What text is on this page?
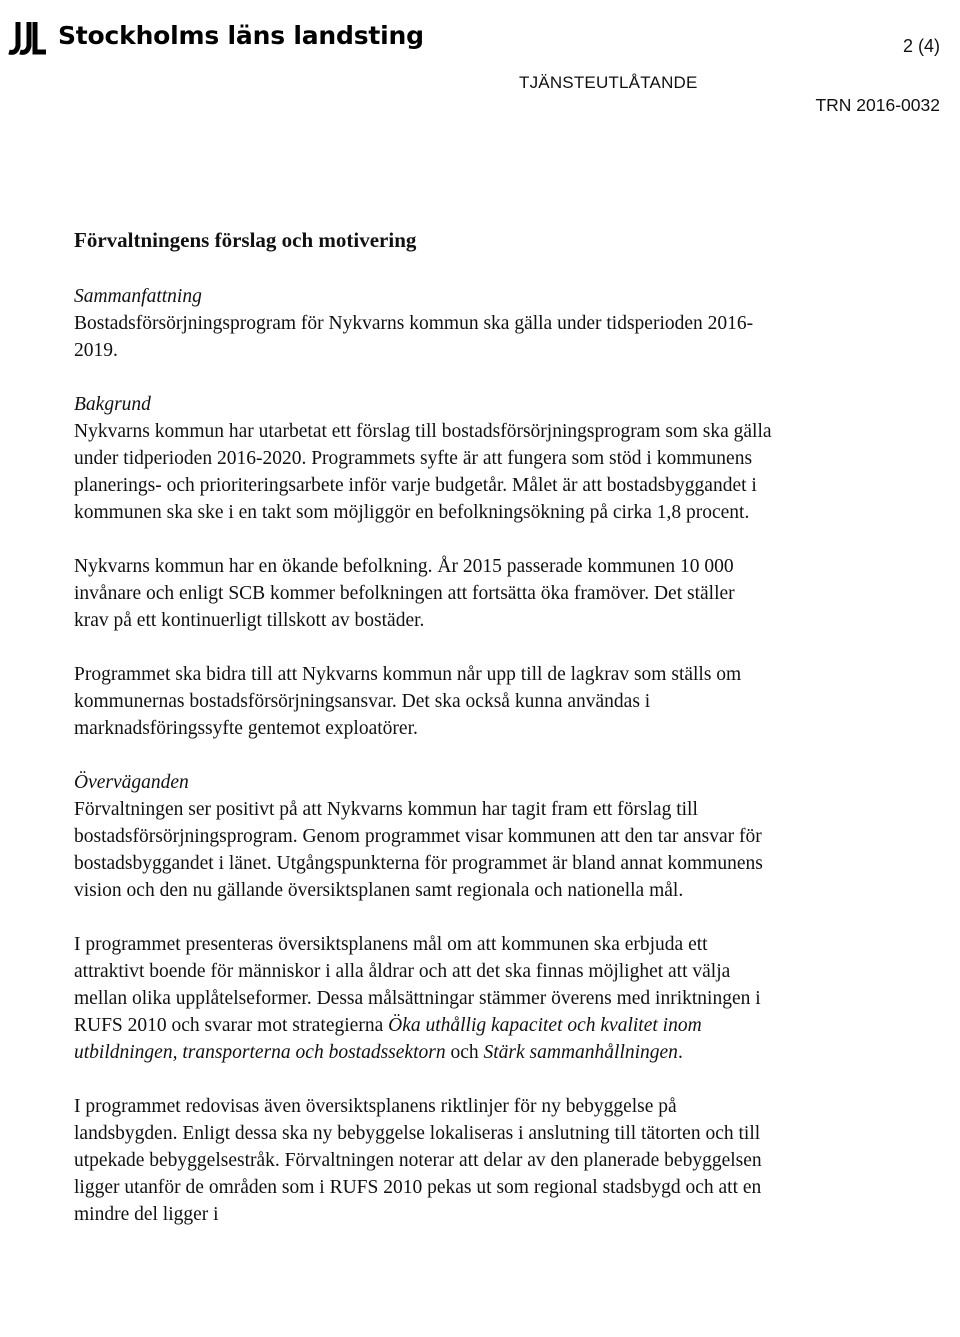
Stockholms läns landsting	2 (4)
TJÄNSTEUTLÅTANDE
TRN 2016-0032
Förvaltningens förslag och motivering

Sammanfattning

Bostadsförsörjningsprogram för Nykvarns kommun ska gälla under tidsperioden 2016-2019.

Bakgrund

Nykvarns kommun har utarbetat ett förslag till bostadsförsörjningsprogram som ska gälla under tidperioden 2016-2020. Programmets syfte är att fungera som stöd i kommunens planerings- och prioriteringsarbete inför varje budgetår. Målet är att bostadsbyggandet i kommunen ska ske i en takt som möjliggör en befolkningsökning på cirka 1,8 procent.

Nykvarns kommun har en ökande befolkning. År 2015 passerade kommunen 10 000 invånare och enligt SCB kommer befolkningen att fortsätta öka framöver. Det ställer krav på ett kontinuerligt tillskott av bostäder.

Programmet ska bidra till att Nykvarns kommun når upp till de lagkrav som ställs om kommunernas bostadsförsörjningsansvar. Det ska också kunna användas i marknadsföringssyfte gentemot exploatörer.

Överväganden

Förvaltningen ser positivt på att Nykvarns kommun har tagit fram ett förslag till bostadsförsörjningsprogram. Genom programmet visar kommunen att den tar ansvar för bostadsbyggandet i länet. Utgångspunkterna för programmet är bland annat kommunens vision och den nu gällande översiktsplanen samt regionala och nationella mål.

I programmet presenteras översiktsplanens mål om att kommunen ska erbjuda ett attraktivt boende för människor i alla åldrar och att det ska finnas möjlighet att välja mellan olika upplåtelseformer. Dessa målsättningar stämmer överens med inriktningen i RUFS 2010 och svarar mot strategierna Öka uthållig kapacitet och kvalitet inom utbildningen, transporterna och bostadssektorn och Stärk sammanhållningen.

I programmet redovisas även översiktsplanens riktlinjer för ny bebyggelse på landsbygden. Enligt dessa ska ny bebyggelse lokaliseras i anslutning till tätorten och till utpekade bebyggelsestråk. Förvaltningen noterar att delar av den planerade bebyggelsen ligger utanför de områden som i RUFS 2010 pekas ut som regional stadsbygd och att en mindre del ligger i
